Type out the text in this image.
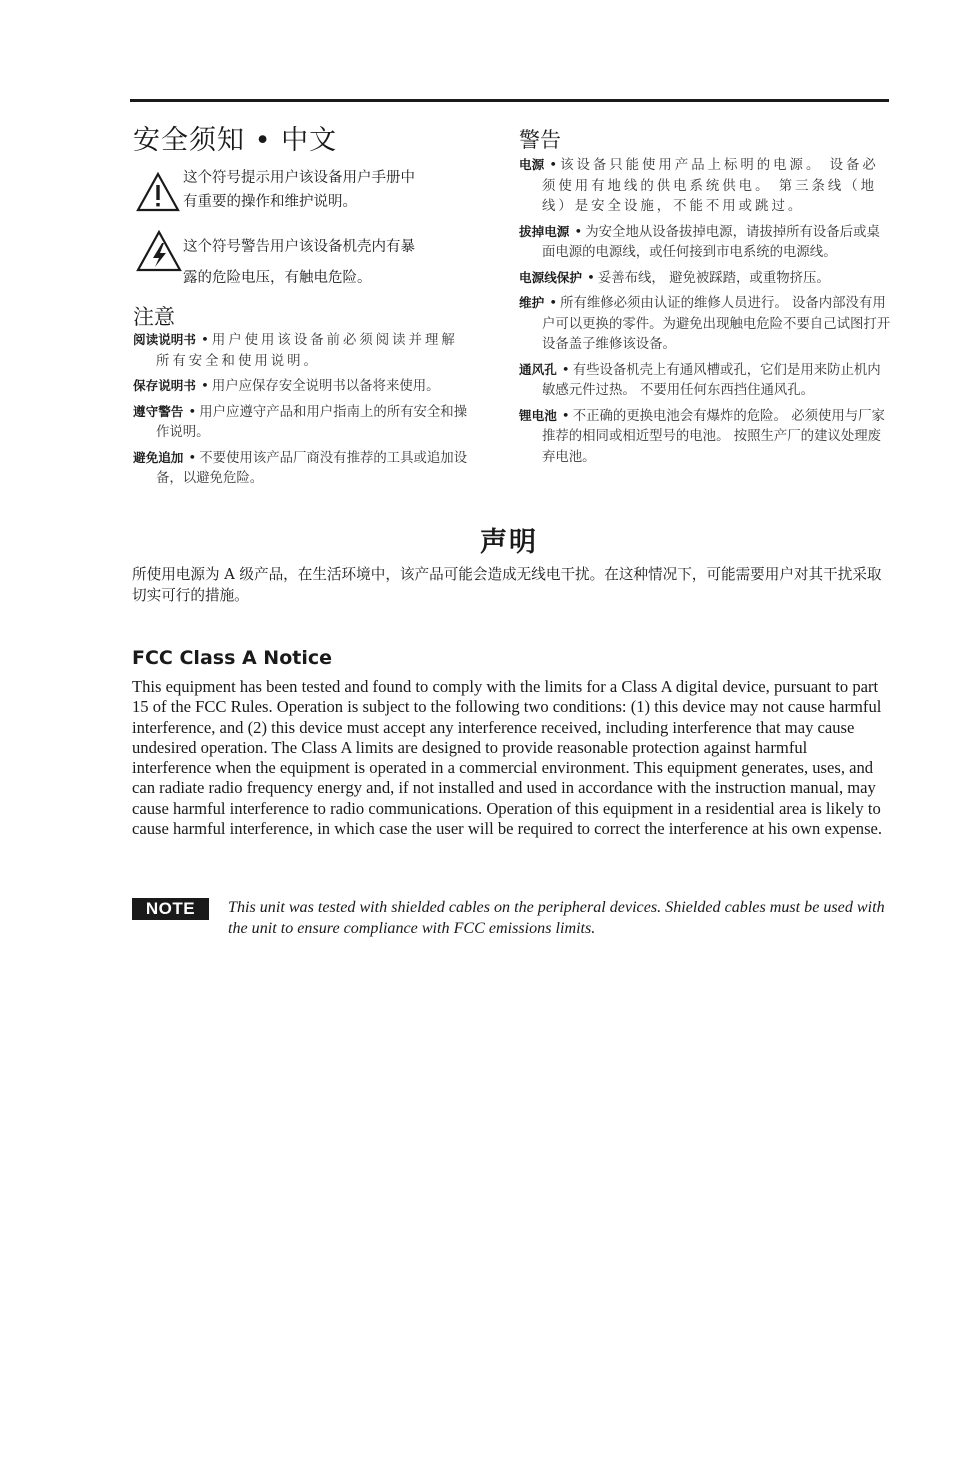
安全须知 • 中文
这个符号提示用户该设备用户手册中
有重要的操作和维护说明。
这个符号警告用户该设备机壳内有暴
露的危险电压，有触电危险。
注意

阅读说明书 • 用户使用该设备前必须阅读并理解所有安全和使用说明。

保存说明书 • 用户应保存安全说明书以备将来使用。

遵守警告 • 用户应遵守产品和用户指南上的所有安全和操作说明。

避免追加 • 不要使用该产品厂商没有推荐的工具或追加设备，以避免危险。

警告

电源 • 该设备只能使用产品上标明的电源。 设备必须使用有地线的供电系统供电。 第三条线（地线）是安全设施，不能不用或跳过。

拔掉电源 • 为安全地从设备拔掉电源，请拔掉所有设备后或桌面电源的电源线，或任何接到市电系统的电源线。

电源线保护 • 妥善布线， 避免被踩踏，或重物挤压。

维护 • 所有维修必须由认证的维修人员进行。 设备内部没有用户可以更换的零件。为避免出现触电危险不要自己试图打开设备盖子维修该设备。

通风孔 • 有些设备机壳上有通风槽或孔，它们是用来防止机内敏感元件过热。 不要用任何东西挡住通风孔。

锂电池 • 不正确的更换电池会有爆炸的危险。 必须使用与厂家推荐的相同或相近型号的电池。 按照生产厂的建议处理废弃电池。

声明

所使用电源为 A 级产品，在生活环境中，该产品可能会造成无线电干扰。在这种情况下，可能需要用户对其干扰采取切实可行的措施。

FCC Class A Notice

This equipment has been tested and found to comply with the limits for a Class A digital device, pursuant to part 15 of the FCC Rules. Operation is subject to the following two conditions: (1) this device may not cause harmful interference, and (2) this device must accept any interference received, including interference that may cause undesired operation. The Class A limits are designed to provide reasonable protection against harmful interference when the equipment is operated in a commercial environment. This equipment generates, uses, and can radiate radio frequency energy and, if not installed and used in accordance with the instruction manual, may cause harmful interference to radio communications. Operation of this equipment in a residential area is likely to cause harmful interference, in which case the user will be required to correct the interference at his own expense.

NOTE	This unit was tested with shielded cables on the peripheral devices. Shielded cables must be used with the unit to ensure compliance with FCC emissions limits.
